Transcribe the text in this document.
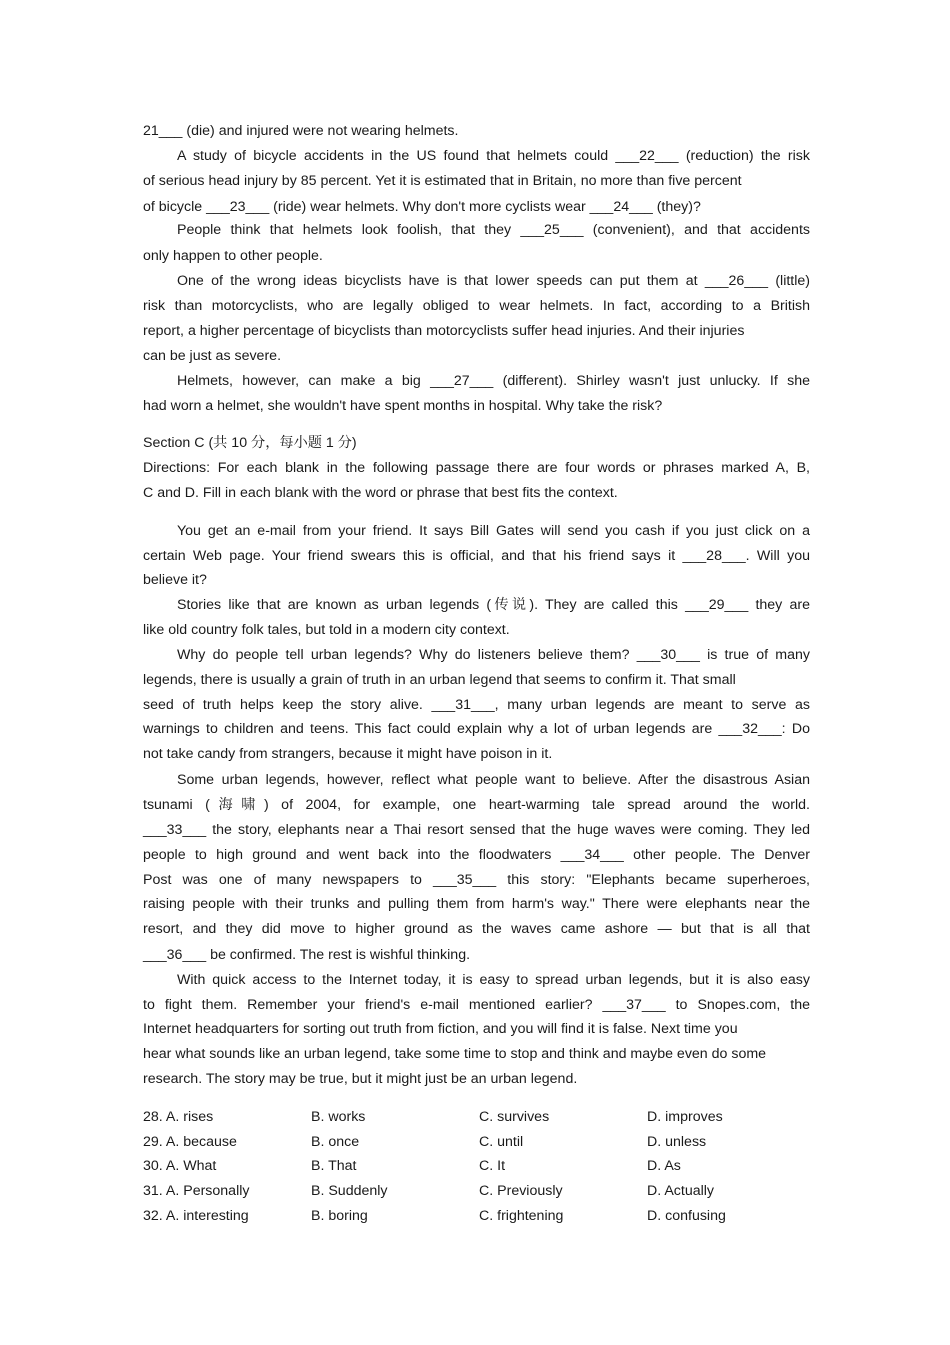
21___ (die) and injured were not wearing helmets.
A study of bicycle accidents in the US found that helmets could ___22___ (reduction) the risk
of serious head injury by 85 percent. Yet it is estimated that in Britain, no more than five percent
of bicycle ___23___ (ride) wear helmets. Why don't more cyclists wear ___24___ (they)?
People think that helmets look foolish, that they ___25___ (convenient), and that accidents
only happen to other people.
One of the wrong ideas bicyclists have is that lower speeds can put them at ___26___ (little)
risk than motorcyclists, who are legally obliged to wear helmets. In fact, according to a British
report, a higher percentage of bicyclists than motorcyclists suffer head injuries. And their injuries
can be just as severe.
Helmets, however, can make a big ___27___ (different). Shirley wasn't just unlucky. If she
had worn a helmet, she wouldn't have spent months in hospital. Why take the risk?
Section C (共 10 分，每小题 1 分)
Directions: For each blank in the following passage there are four words or phrases marked A, B,
C and D. Fill in each blank with the word or phrase that best fits the context.
You get an e-mail from your friend. It says Bill Gates will send you cash if you just click on a
certain Web page. Your friend swears this is official, and that his friend says it ___28___. Will you
believe it?
Stories like that are known as urban legends (传说). They are called this ___29___ they are
like old country folk tales, but told in a modern city context.
Why do people tell urban legends? Why do listeners believe them? ___30___ is true of many
legends, there is usually a grain of truth in an urban legend that seems to confirm it. That small
seed of truth helps keep the story alive. ___31___, many urban legends are meant to serve as
warnings to children and teens. This fact could explain why a lot of urban legends are ___32___: Do
not take candy from strangers, because it might have poison in it.
Some urban legends, however, reflect what people want to believe. After the disastrous Asian
tsunami (海啸) of 2004, for example, one heart-warming tale spread around the world.
___33___ the story, elephants near a Thai resort sensed that the huge waves were coming. They led
people to high ground and went back into the floodwaters ___34___ other people. The Denver
Post was one of many newspapers to ___35___ this story: "Elephants became superheroes,
raising people with their trunks and pulling them from harm's way." There were elephants near the
resort, and they did move to higher ground as the waves came ashore — but that is all that
___36___ be confirmed. The rest is wishful thinking.
With quick access to the Internet today, it is easy to spread urban legends, but it is also easy
to fight them. Remember your friend's e-mail mentioned earlier? ___37___ to Snopes.com, the
Internet headquarters for sorting out truth from fiction, and you will find it is false. Next time you
hear what sounds like an urban legend, take some time to stop and think and maybe even do some
research. The story may be true, but it might just be an urban legend.
28. A. rises	B. works	C. survives	D. improves
29. A. because	B. once	C. until	D. unless
30. A. What	B. That	C. It	D. As
31. A. Personally	B. Suddenly	C. Previously	D. Actually
32. A. interesting	B. boring	C. frightening	D. confusing
